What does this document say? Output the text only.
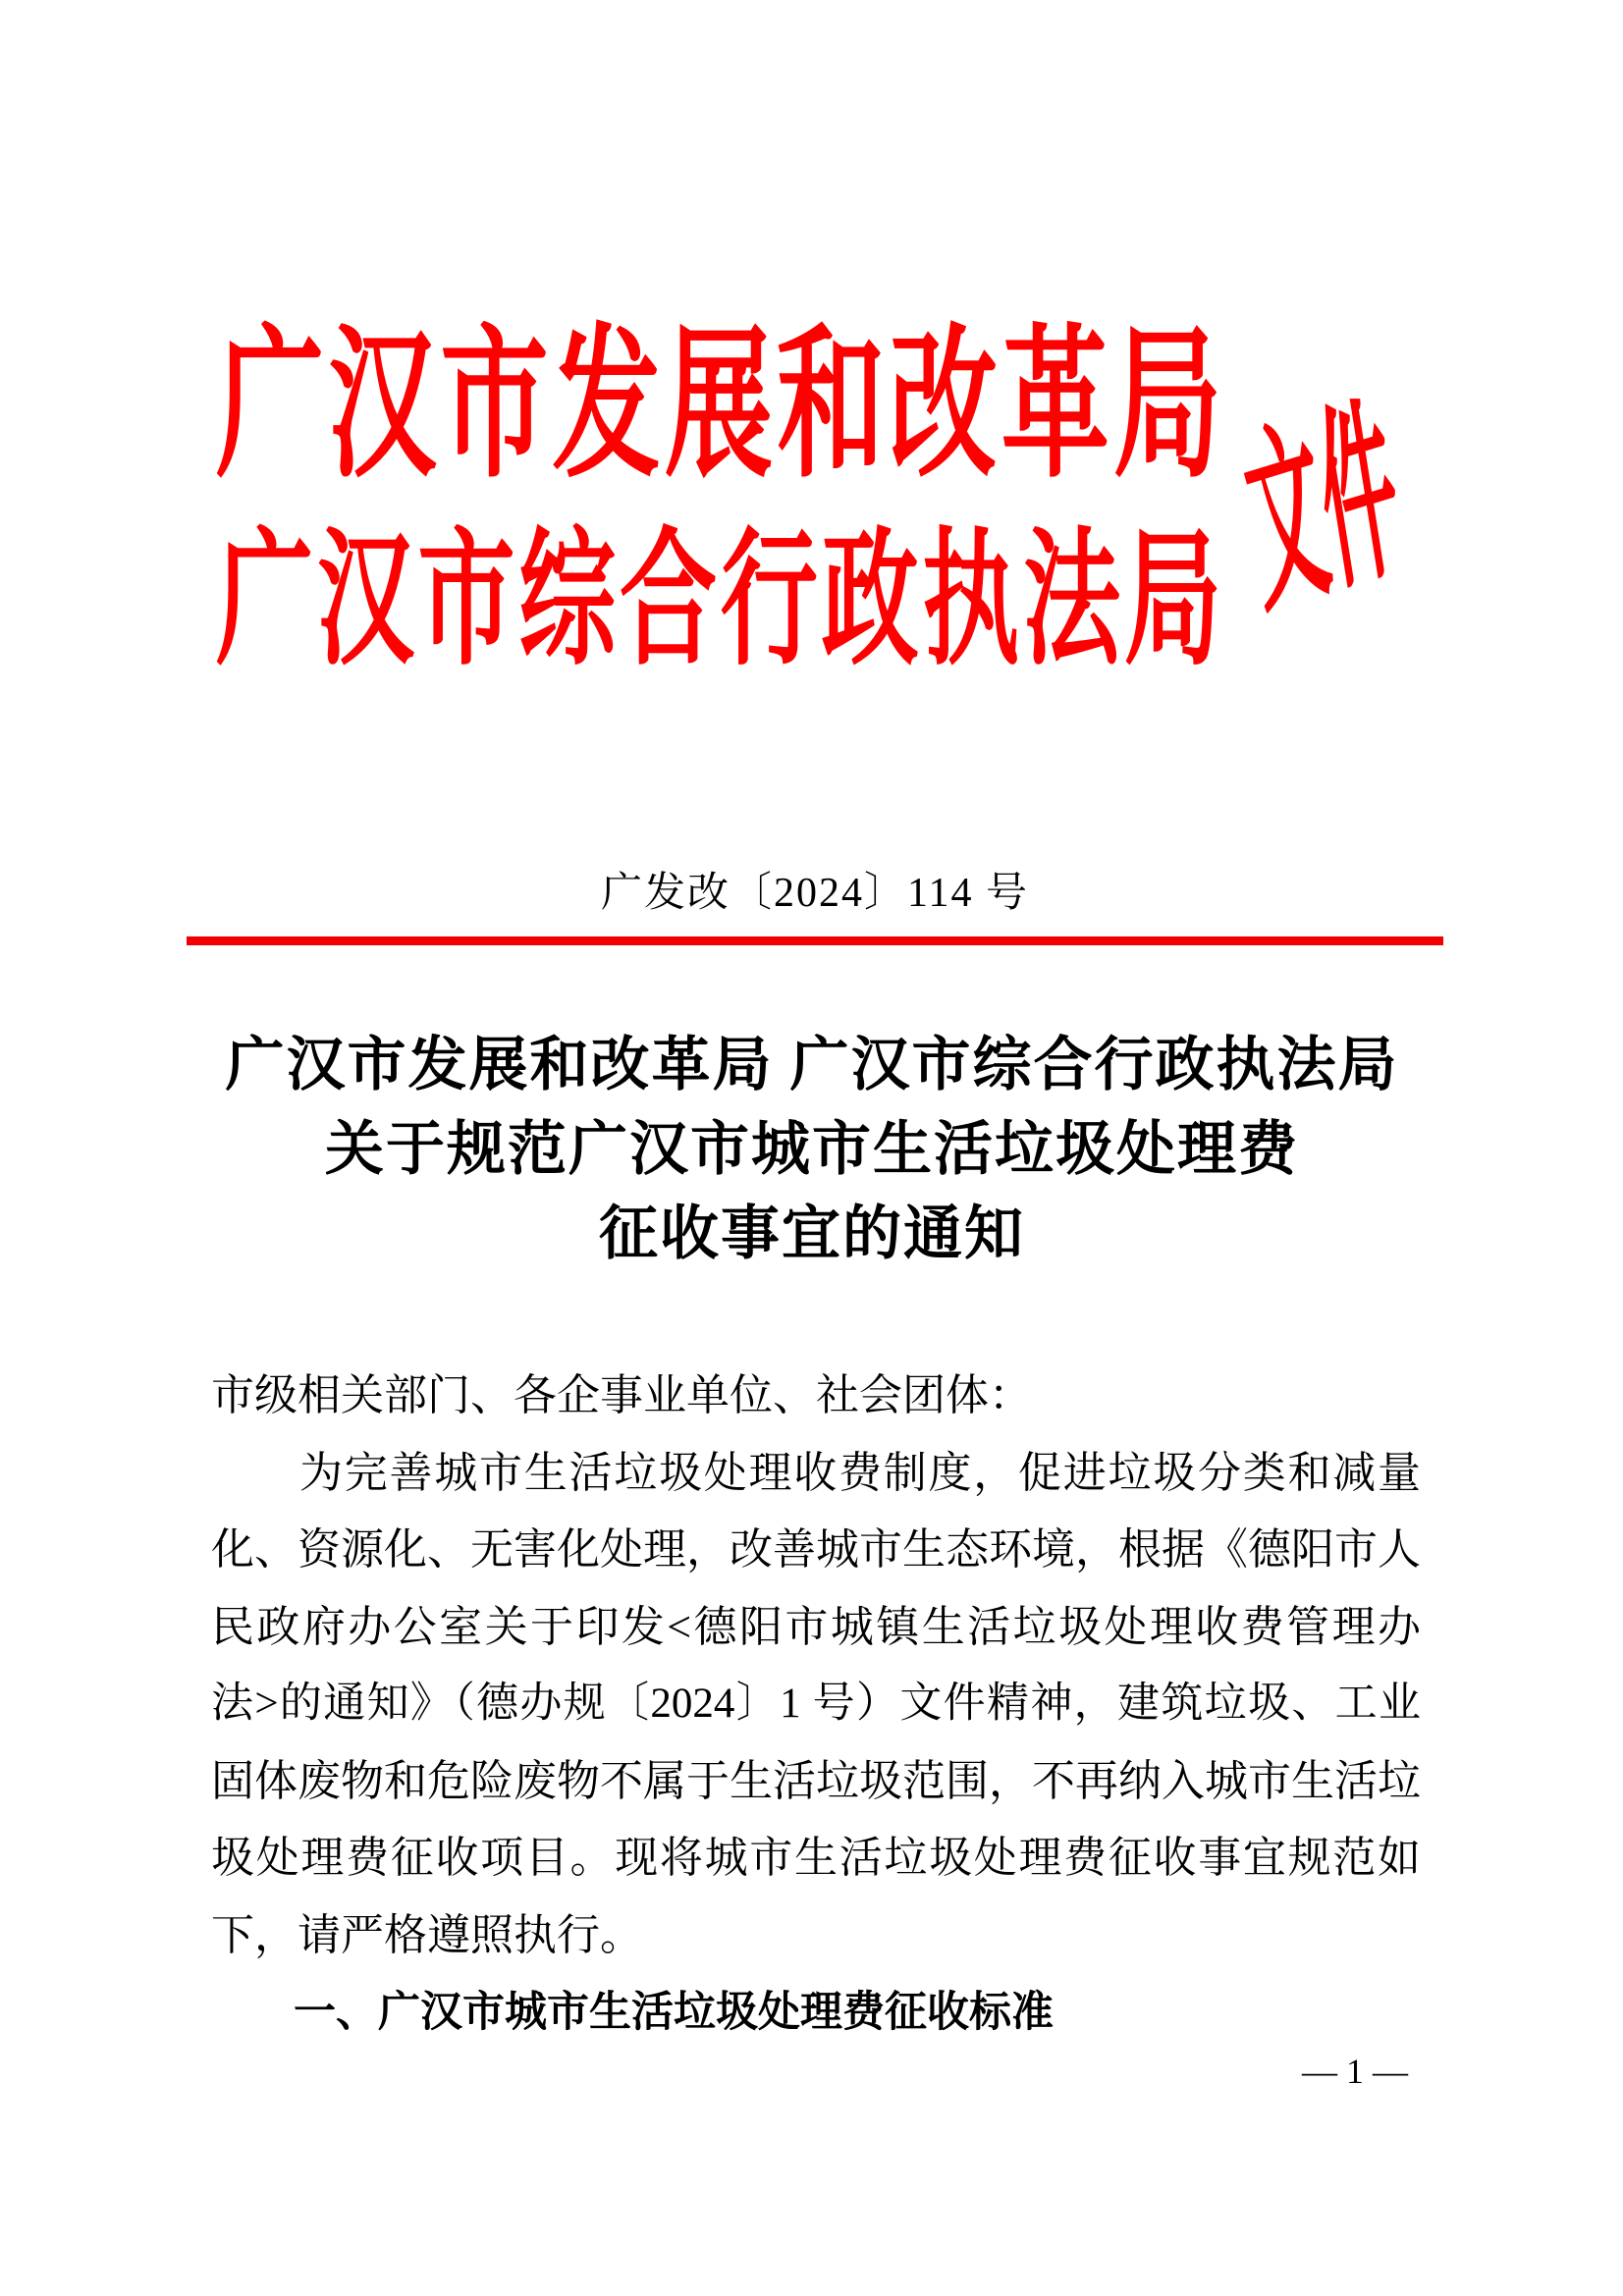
广 汉 市 发 展 和 改 革 局
广 汉 市 综 合 行 政 执 法 局 文件
广发改〔2024〕114 号
广汉市发展和改革局 广汉市综合行政执法局
关于规范广汉市城市生活垃圾处理费
征收事宜的通知
市级相关部门、各企事业单位、社会团体：
为完善城市生活垃圾处理收费制度，促进垃圾分类和减量
化、资源化、无害化处理，改善城市生态环境，根据《德阳市人
民政府办公室关于印发<德阳市城镇生活垃圾处理收费管理办
法>的通知》（德办规〔2024〕1 号）文件精神，建筑垃圾、工业
固体废物和危险废物不属于生活垃圾范围，不再纳入城市生活垃
圾处理费征收项目。现将城市生活垃圾处理费征收事宜规范如
下，请严格遵照执行。
一、广汉市城市生活垃圾处理费征收标准
— 1 —
